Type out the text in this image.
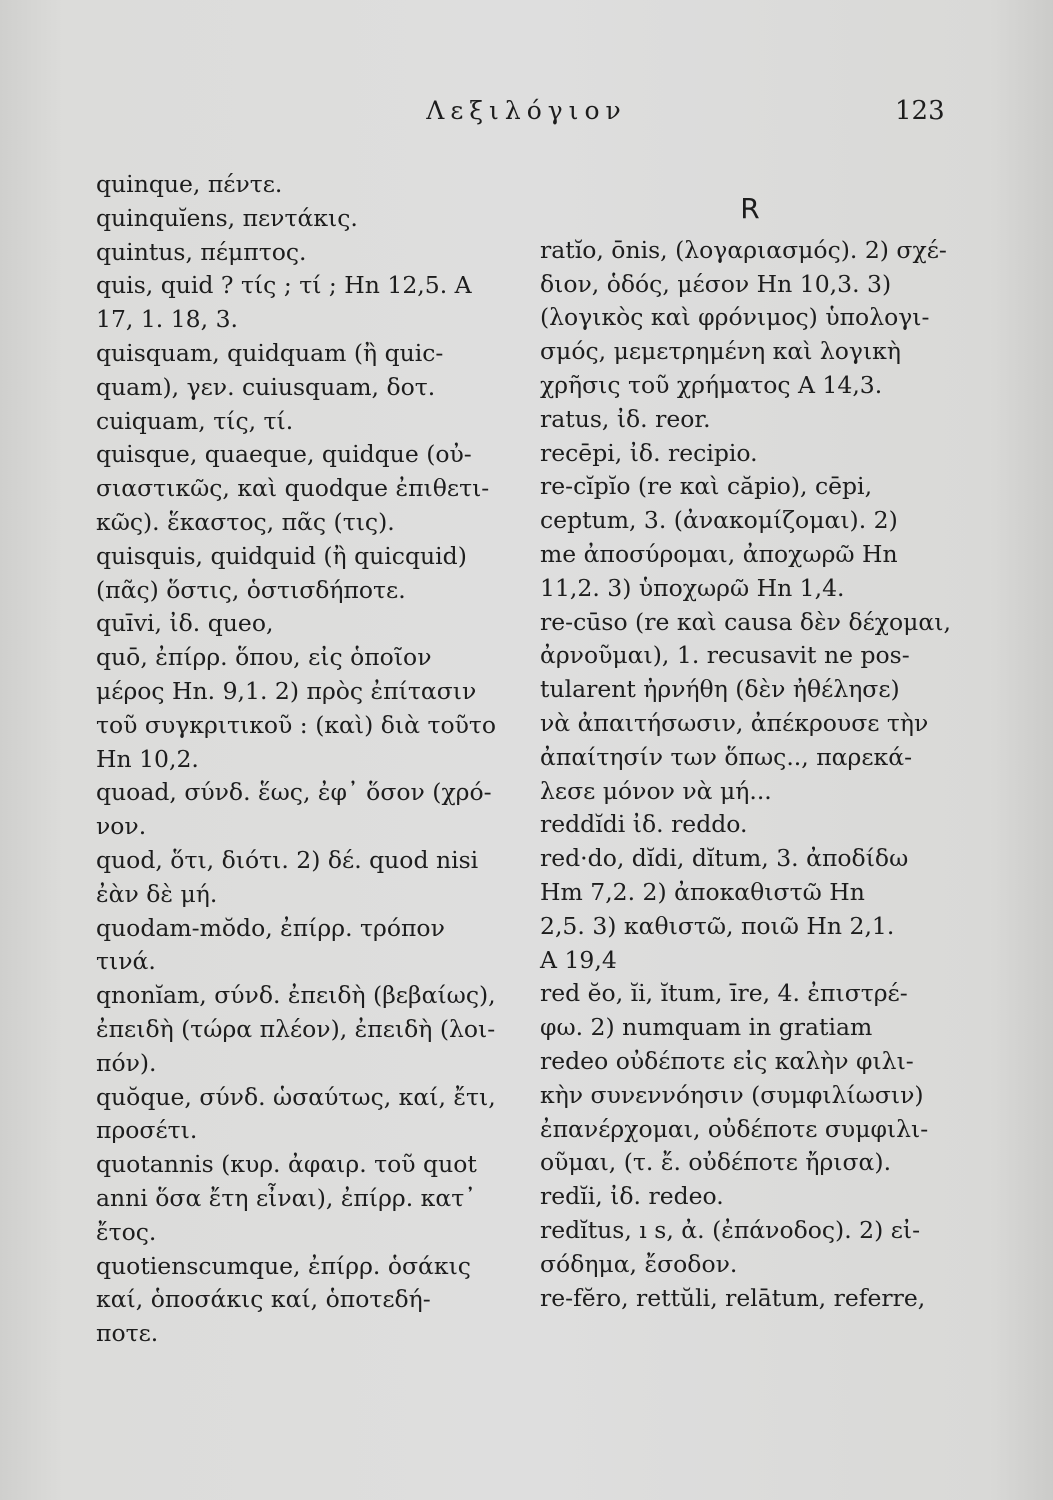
Λεξιλόγιον	123
quinque, πέντε.
quinquĭens, πεντάκις.
quintus, πέμπτος.
quis, quid ? τίς ; τί ; Hn 12,5. A
17, 1. 18, 3.
quisquam, quidquam (ἢ quic-
quam), γεν. cuiusquam, δοτ.
cuiquam, τίς, τί.
quisque, quaeque, quidque (οὐ-
σιαστικῶς, καὶ quodque ἐπιθετι-
κῶς). ἕκαστος, πᾶς (τις).
quisquis, quidquid (ἢ quicquid)
(πᾶς) ὅστις, ὁστισδήποτε.
quīvi, ἰδ. queo,
quō, ἐπίρρ. ὅπου, εἰς ὁποῖον
μέρος Hn. 9,1. 2) πρὸς ἐπίτασιν
τοῦ συγκριτικοῦ : (καὶ) διὰ τοῦτο
Hn 10,2.
quoad, σύνδ. ἕως, ἐφ᾽ ὅσον (χρό-
νον.
quod, ὅτι, διότι. 2) δέ. quod nisi
ἐὰν δὲ μή.
quodam-mŏdo, ἐπίρρ. τρόπον
τινά.
qnonĭam, σύνδ. ἐπειδὴ (βεβαίως),
ἐπειδὴ (τώρα πλέον), ἐπειδὴ (λοι-
πόν).
quŏque, σύνδ. ὡσαύτως, καί, ἔτι,
προσέτι.
quotannis (κυρ. ἀφαιρ. τοῦ quot
anni ὅσα ἔτη εἶναι), ἐπίρρ. κατ᾽
ἔτος.
quotienscumque, ἐπίρρ. ὁσάκις
καί, ὁποσάκις καί, ὁποτεδή-
ποτε.
R
ratĭo, ōnis, (λογαριασμός). 2) σχέ-
διον, ὁδός, μέσον Hn 10,3. 3)
(λογικὸς καὶ φρόνιμος) ὑπολογι-
σμός, μεμετρημένη καὶ λογικὴ
χρῆσις τοῦ χρήματος A 14,3.
ratus, ἰδ. reor.
recēpi, ἰδ. recipio.
re-cĭpĭo (re καὶ căpio), cēpi,
ceptum, 3. (ἀνακομίζομαι). 2)
me ἀποσύρομαι, ἀποχωρῶ Hn
11,2. 3) ὑποχωρῶ Hn 1,4.
re-cūso (re καὶ causa δὲν δέχομαι,
ἀρνοῦμαι), 1. recusavit ne pos-
tularent ἠρνήθη (δὲν ἠθέλησε)
νὰ ἀπαιτήσωσιν, ἀπέκρουσε τὴν
ἀπαίτησίν των ὅπως.., παρεκά-
λεσε μόνον νὰ μή...
reddĭdi ἰδ. reddo.
red·do, dĭdi, dĭtum, 3. ἀποδίδω
Hm 7,2. 2) ἀποκαθιστῶ Hn
2,5. 3) καθιστῶ, ποιῶ Hn 2,1.
A 19,4
red ĕo, ĭi, ĭtum, īre, 4. ἐπιστρέ-
φω. 2) numquam in gratiam
redeo οὐδέποτε εἰς καλὴν φιλι-
κὴν συνεννόησιν (συμφιλίωσιν)
ἐπανέρχομαι, οὐδέποτε συμφιλι-
οῦμαι, (τ. ἔ. οὐδέποτε ἤρισα).
redĭi, ἰδ. redeo.
redĭtus, ı s, ἀ. (ἐπάνοδος). 2) εἰ-
σόδημα, ἔσοδον.
re-fĕro, rettŭli, relātum, referre,
